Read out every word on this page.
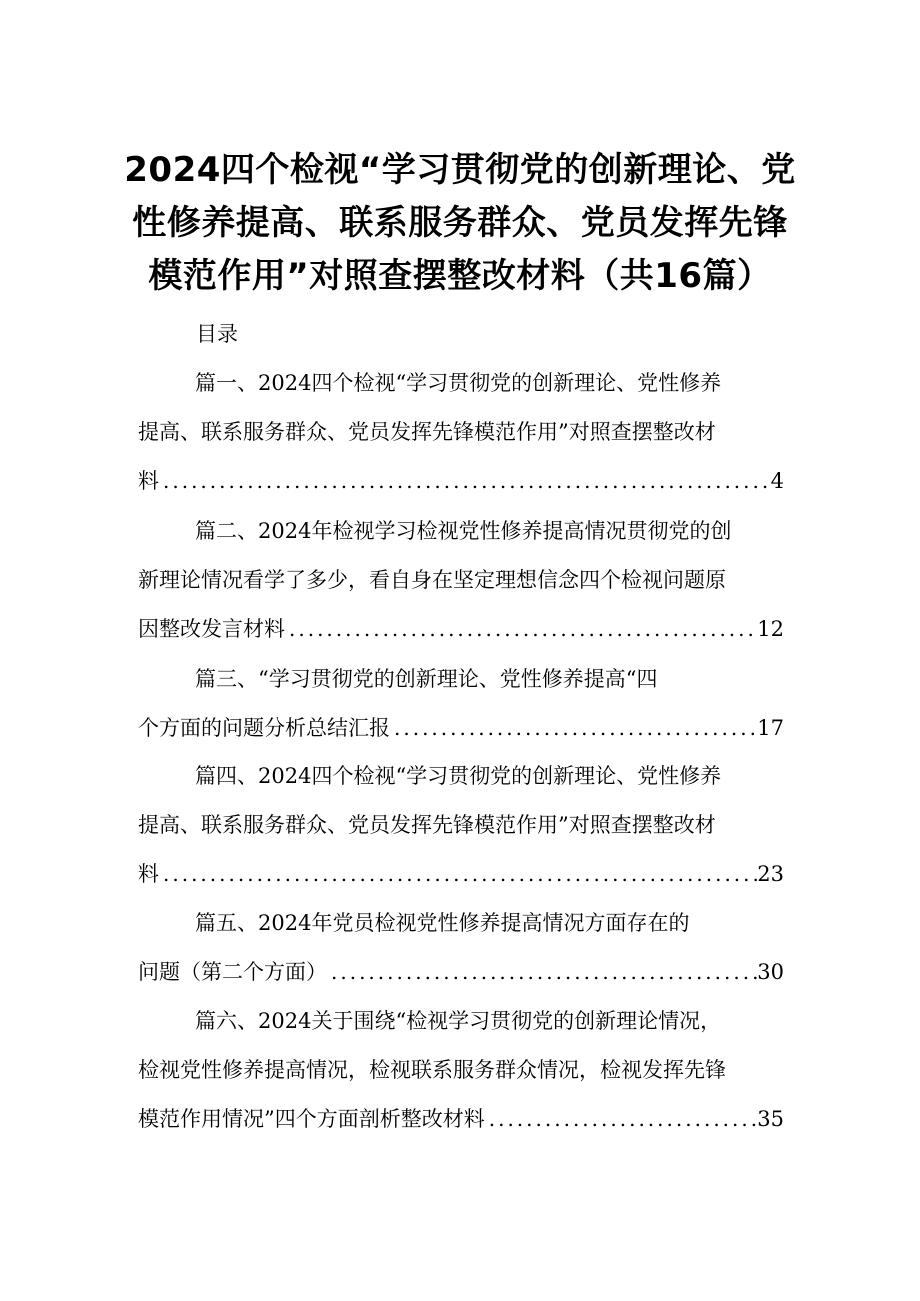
2024四个检视“学习贯彻党的创新理论、党
性修养提高、联系服务群众、党员发挥先锋
模范作用”对照查摆整改材料（共16篇）
目录
篇一、2024四个检视“学习贯彻党的创新理论、党性修养
提高、联系服务群众、党员发挥先锋模范作用”对照查摆整改材
料 .....	4
篇二、2024年检视学习检视党性修养提高情况贯彻党的创
新理论情况看学了多少，看自身在坚定理想信念四个检视问题原
因整改发言材料 .....	12
篇三、“学习贯彻党的创新理论、党性修养提高“四
个方面的问题分析总结汇报 .....	17
篇四、2024四个检视“学习贯彻党的创新理论、党性修养
提高、联系服务群众、党员发挥先锋模范作用”对照查摆整改材
料 .....	23
篇五、2024年党员检视党性修养提高情况方面存在的
问题（第二个方面） .....	30
篇六、2024关于围绕“检视学习贯彻党的创新理论情况，
检视党性修养提高情况，检视联系服务群众情况，检视发挥先锋
模范作用情况”四个方面剖析整改材料 .....	35
